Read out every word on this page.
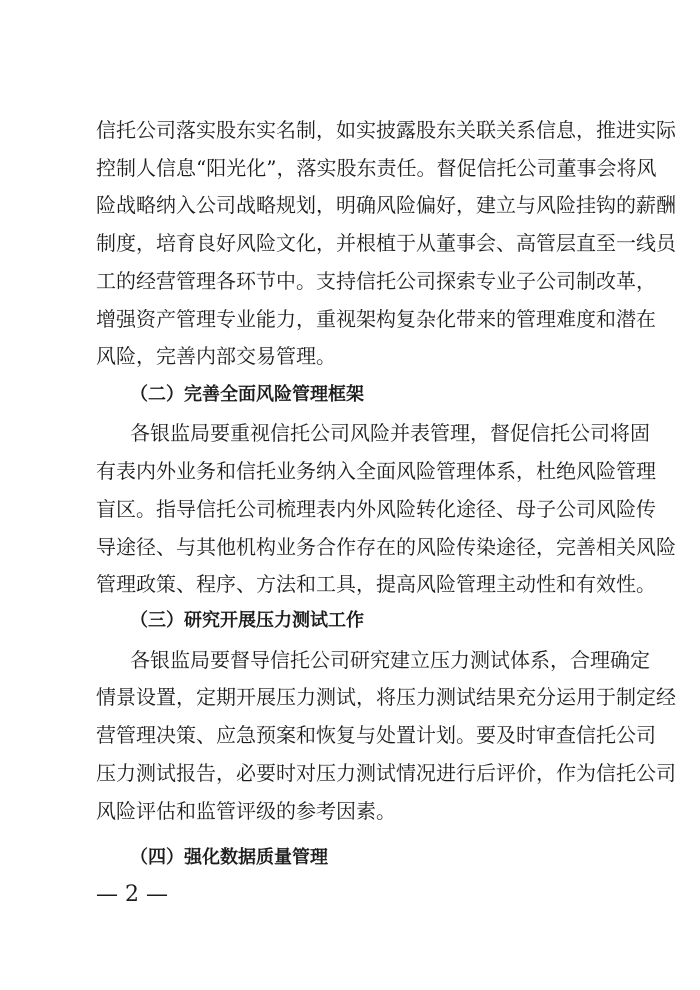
信托公司落实股东实名制，如实披露股东关联关系信息，推进实际
控制人信息“阳光化”，落实股东责任。督促信托公司董事会将风
险战略纳入公司战略规划，明确风险偏好，建立与风险挂钩的薪酬
制度，培育良好风险文化，并根植于从董事会、高管层直至一线员
工的经营管理各环节中。支持信托公司探索专业子公司制改革，
增强资产管理专业能力，重视架构复杂化带来的管理难度和潜在
风险，完善内部交易管理。
（二）完善全面风险管理框架
各银监局要重视信托公司风险并表管理，督促信托公司将固
有表内外业务和信托业务纳入全面风险管理体系，杜绝风险管理
盲区。指导信托公司梳理表内外风险转化途径、母子公司风险传
导途径、与其他机构业务合作存在的风险传染途径，完善相关风险
管理政策、程序、方法和工具，提高风险管理主动性和有效性。
（三）研究开展压力测试工作
各银监局要督导信托公司研究建立压力测试体系，合理确定
情景设置，定期开展压力测试，将压力测试结果充分运用于制定经
营管理决策、应急预案和恢复与处置计划。要及时审查信托公司
压力测试报告，必要时对压力测试情况进行后评价，作为信托公司
风险评估和监管评级的参考因素。
（四）强化数据质量管理
— 2 —
